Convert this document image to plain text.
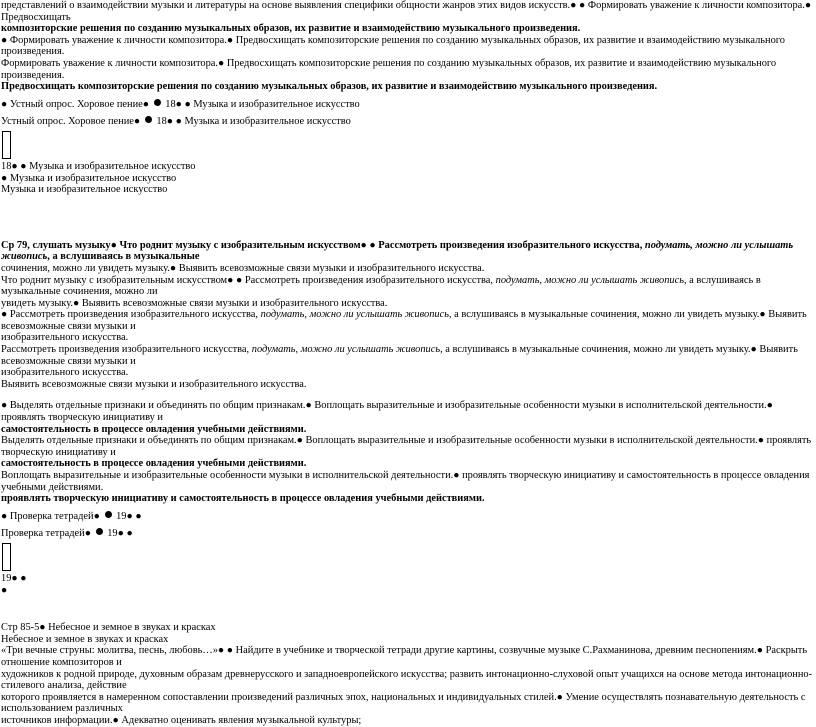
представлений о взаимодействии музыки и литературы на основе выявления специфики общности жанров этих видов искусств.● ● Формировать уважение к личности композитора.● Предвосхищать

композиторские решения по созданию музыкальных образов, их развитие и взаимодействию музыкального произведения.

● Формировать уважение к личности композитора.● Предвосхищать композиторские решения по созданию музыкальных образов, их развитие и взаимодействию музыкального произведения.

Формировать уважение к личности композитора.● Предвосхищать композиторские решения по созданию музыкальных образов, их развитие и взаимодействию музыкального произведения.

Предвосхищать композиторские решения по созданию музыкальных образов, их развитие и взаимодействию музыкального произведения.

● Устный опрос. Хоровое пение● 18● ● Музыка и изобразительное искусство

Устный опрос. Хоровое пение● 18● ● Музыка и изобразительное искусство

18● ● Музыка и изобразительное искусство

● Музыка и изобразительное искусство

Музыка и изобразительное искусство

Ср 79, слушать музыку● Что роднит музыку с изобразительным искусством● ● Рассмотреть произведения изобразительного искусства, подумать, можно ли услышать живопись, а вслушиваясь в музыкальные

сочинения, можно ли увидеть музыку.● Выявить всевозможные связи музыки и изобразительного искусства.

Что роднит музыку с изобразительным искусством● ● Рассмотреть произведения изобразительного искусства, подумать, можно ли услышать живопись, а вслушиваясь в музыкальные сочинения, можно ли

увидеть музыку.● Выявить всевозможные связи музыки и изобразительного искусства.

● Рассмотреть произведения изобразительного искусства, подумать, можно ли услышать живопись, а вслушиваясь в музыкальные сочинения, можно ли увидеть музыку.● Выявить всевозможные связи музыки и

изобразительного искусства.

Рассмотреть произведения изобразительного искусства, подумать, можно ли услышать живопись, а вслушиваясь в музыкальные сочинения, можно ли увидеть музыку.● Выявить всевозможные связи музыки и

изобразительного искусства.

Выявить всевозможные связи музыки и изобразительного искусства.

● Выделять отдельные признаки и объединять по общим признакам.● Воплощать выразительные и изобразительные особенности музыки в исполнительской деятельности.● проявлять творческую инициативу и

самостоятельность в процессе овладения учебными действиями.

Выделять отдельные признаки и объединять по общим признакам.● Воплощать выразительные и изобразительные особенности музыки в исполнительской деятельности.● проявлять творческую инициативу и

самостоятельность в процессе овладения учебными действиями.

Воплощать выразительные и изобразительные особенности музыки в исполнительской деятельности.● проявлять творческую инициативу и самостоятельность в процессе овладения учебными действиями.

проявлять творческую инициативу и самостоятельность в процессе овладения учебными действиями.

● Проверка тетрадей● 19● ●

Проверка тетрадей● 19● ●

19● ●

●

Стр 85-5● Небесное и земное в звуках и красках

Небесное и земное в звуках и красках

«Три вечные струны: молитва, песнь, любовь…»● ● Найдите в учебнике и творческой тетради другие картины, созвучные музыке С.Рахманинова, древним песнопениям.● Раскрыть отношение композиторов и

художников к родной природе, духовным образам древнерусского и западноевропейского искусства; развить интонационно-слуховой опыт учащихся на основе метода интонационно-стилевого анализа, действие

которого проявляется в намеренном сопоставлении произведений различных эпох, национальных и индивидуальных стилей.● Умение осуществлять познавательную деятельность с использованием различных

источников информации.● Адекватно оценивать явления музыкальной культуры;
